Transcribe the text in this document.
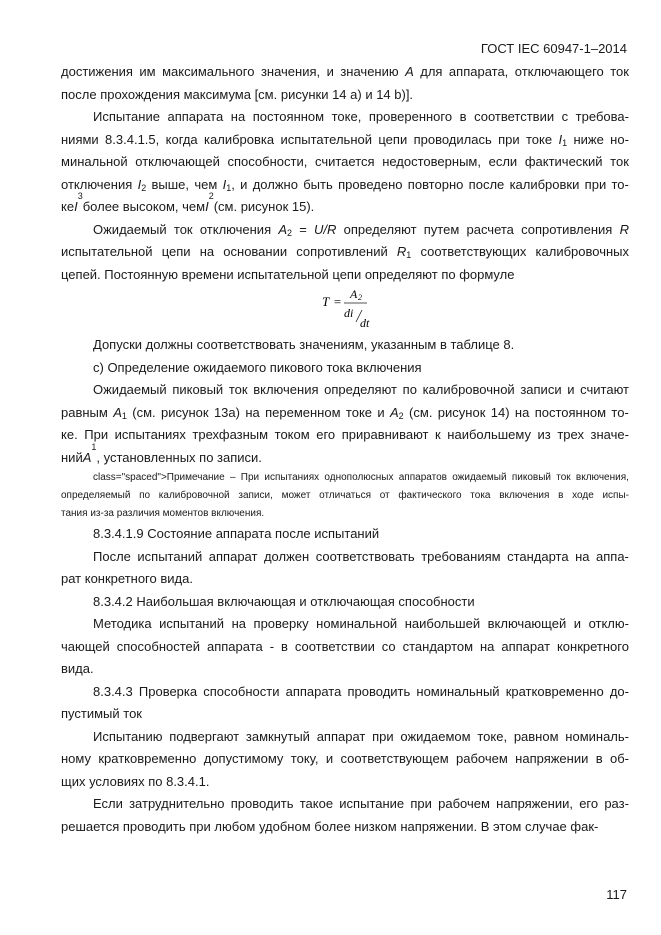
ГОСТ IEC 60947-1–2014
достижения им максимального значения, и значению A для аппарата, отключающего ток
после прохождения максимума [см. рисунки 14 а) и 14 b)].
Испытание аппарата на постоянном токе, проверенного в соответствии с требова-
ниями 8.3.4.1.5, когда калибровка испытательной цепи проводилась при токе $I_1$ ниже но-
минальной отключающей способности, считается недостоверным, если фактический ток
отключения $I_2$ выше, чем $I_1$, и должно быть проведено повторно после калибровки при то-
ке I
3
более высоком, чем I
2
(см. рисунок 15).
Ожидаемый ток отключения $A_2 = U/R$ определяют путем расчета сопротивления R
испытательной цепи на основании сопротивлений $R_1$ соответствующих калибровочных
цепей. Постоянную времени испытательной цепи определяют по формуле
T = A 2
di
dt
Допуски должны соответствовать значениям, указанным в таблице 8.
с) Определение ожидаемого пикового тока включения
Ожидаемый пиковый ток включения определяют по калибровочной записи и считают
равным $A_1$ (см. рисунок 13а) на переменном токе и $A_2$ (см. рисунок 14) на постоянном то-
ке. При испытаниях трехфазным током его приравнивают к наибольшему из трех значе-
ний A
1
, установленных по записи.
class="spaced">Примечание – При испытаниях однополюсных аппаратов ожидаемый пиковый ток включения,
определяемый по калибровочной записи, может отличаться от фактического тока включения в ходе испы-
тания из-за различия моментов включения.
8.3.4.1.9 Состояние аппарата после испытаний
После испытаний аппарат должен соответствовать требованиям стандарта на аппа-
рат конкретного вида.
8.3.4.2 Наибольшая включающая и отключающая способности
Методика испытаний на проверку номинальной наибольшей включающей и отклю-
чающей способностей аппарата - в соответствии со стандартом на аппарат конкретного
вида.
8.3.4.3 Проверка способности аппарата проводить номинальный кратковременно до-
пустимый ток
Испытанию подвергают замкнутый аппарат при ожидаемом токе, равном номиналь-
ному кратковременно допустимому току, и соответствующем рабочем напряжении в об-
щих условиях по 8.3.4.1.
Если затруднительно проводить такое испытание при рабочем напряжении, его раз-
решается проводить при любом удобном более низком напряжении. В этом случае фак-
117
